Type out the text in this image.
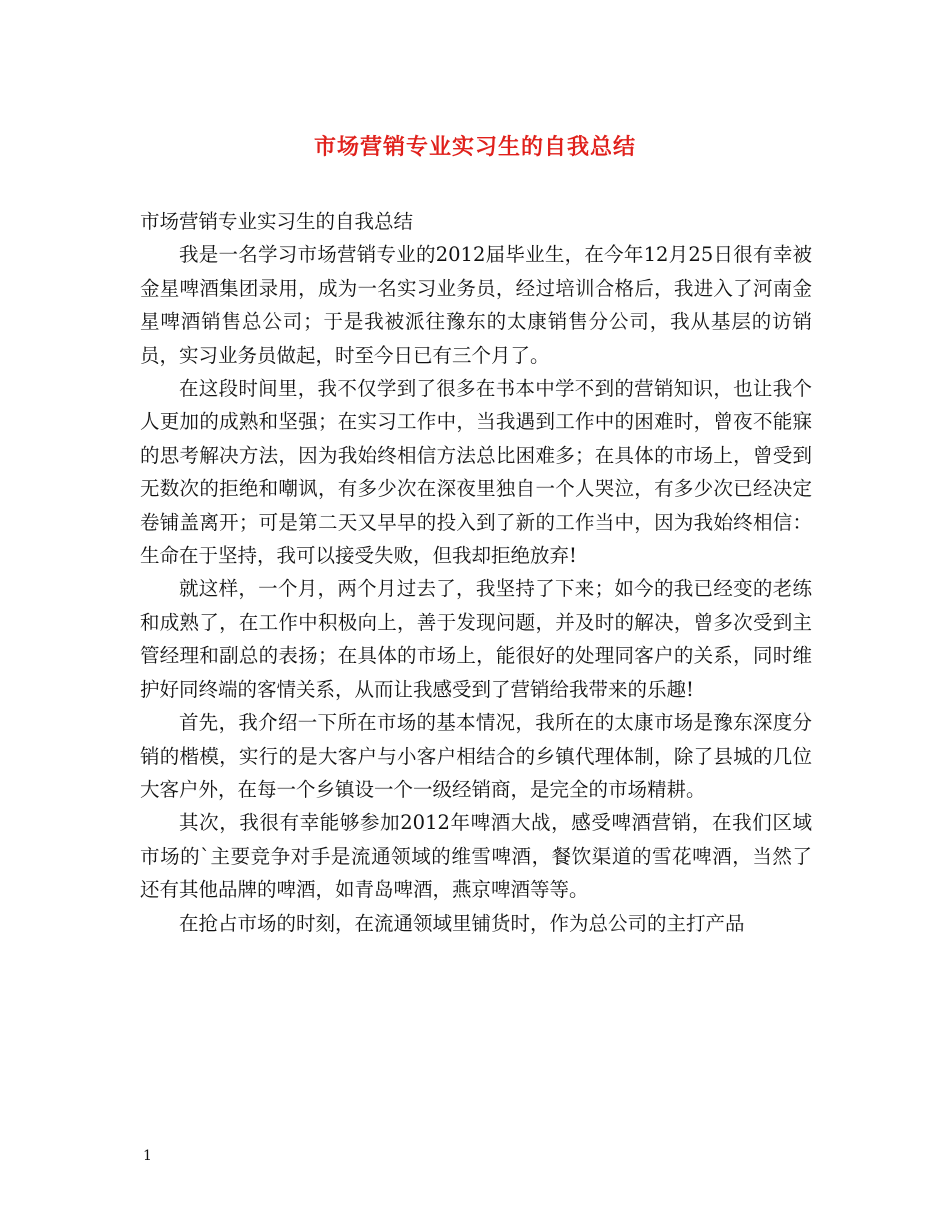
市场营销专业实习生的自我总结

市场营销专业实习生的自我总结

我是一名学习市场营销专业的2012届毕业生，在今年12月25日很有幸被金星啤酒集团录用，成为一名实习业务员，经过培训合格后，我进入了河南金星啤酒销售总公司；于是我被派往豫东的太康销售分公司，我从基层的访销员，实习业务员做起，时至今日已有三个月了。

在这段时间里，我不仅学到了很多在书本中学不到的营销知识，也让我个人更加的成熟和坚强；在实习工作中，当我遇到工作中的困难时，曾夜不能寐的思考解决方法，因为我始终相信方法总比困难多；在具体的市场上，曾受到无数次的拒绝和嘲讽，有多少次在深夜里独自一个人哭泣，有多少次已经决定卷铺盖离开；可是第二天又早早的投入到了新的工作当中，因为我始终相信：生命在于坚持，我可以接受失败，但我却拒绝放弃!

就这样，一个月，两个月过去了，我坚持了下来；如今的我已经变的老练和成熟了，在工作中积极向上，善于发现问题，并及时的解决，曾多次受到主管经理和副总的表扬；在具体的市场上，能很好的处理同客户的关系，同时维护好同终端的客情关系，从而让我感受到了营销给我带来的乐趣!

首先，我介绍一下所在市场的基本情况，我所在的太康市场是豫东深度分销的楷模，实行的是大客户与小客户相结合的乡镇代理体制，除了县城的几位大客户外，在每一个乡镇设一个一级经销商，是完全的市场精耕。

其次，我很有幸能够参加2012年啤酒大战，感受啤酒营销，在我们区域市场的`主要竞争对手是流通领域的维雪啤酒，餐饮渠道的雪花啤酒，当然了还有其他品牌的啤酒，如青岛啤酒，燕京啤酒等等。

在抢占市场的时刻，在流通领域里铺货时，作为总公司的主打产品

1
